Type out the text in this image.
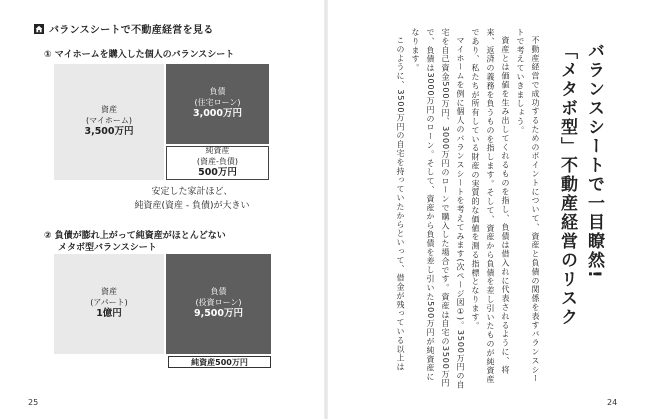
バランスシートで不動産経営を見る
① マイホームを購入した個人のバランスシート
資産
(マイホーム)
3,500万円
負債
(住宅ローン)
3,000万円
純資産
(資産-負債)
500万円
安定した家計ほど、
純資産(資産 - 負債)が大きい
② 負債が膨れ上がって純資産がほとんどない
メタボ型バランスシート
資産
(アパート)
1億円
負債
(投資ローン)
9,500万円
純資産500万円
25
バランスシートで一目瞭然!
「メタボ型」不動産経営のリスク

不動産経営で成功するためのポイントについて、資産と負債の関係を表すバランスシートで考えていきましょう。

資産とは価値を生み出してくれるものを指し、負債は借入れに代表されるように、将来、返済の義務を負うものを指します。そして、資産から負債を差し引いたものが純資産であり、私たちが所有している財産の実質的な価値を測る指標となります。

マイホームを例に個人のバランスシートを考えてみます(次ページ図①)。3500万円の自宅を自己資金500万円、3000万円のローンで購入した場合です。資産は自宅の3500万円で、負債は3000万円のローン。そして、資産から負債を差し引いた500万円が純資産になります。

このように、3500万円の自宅を持っていたからといって、借金が残っている以上は

24
